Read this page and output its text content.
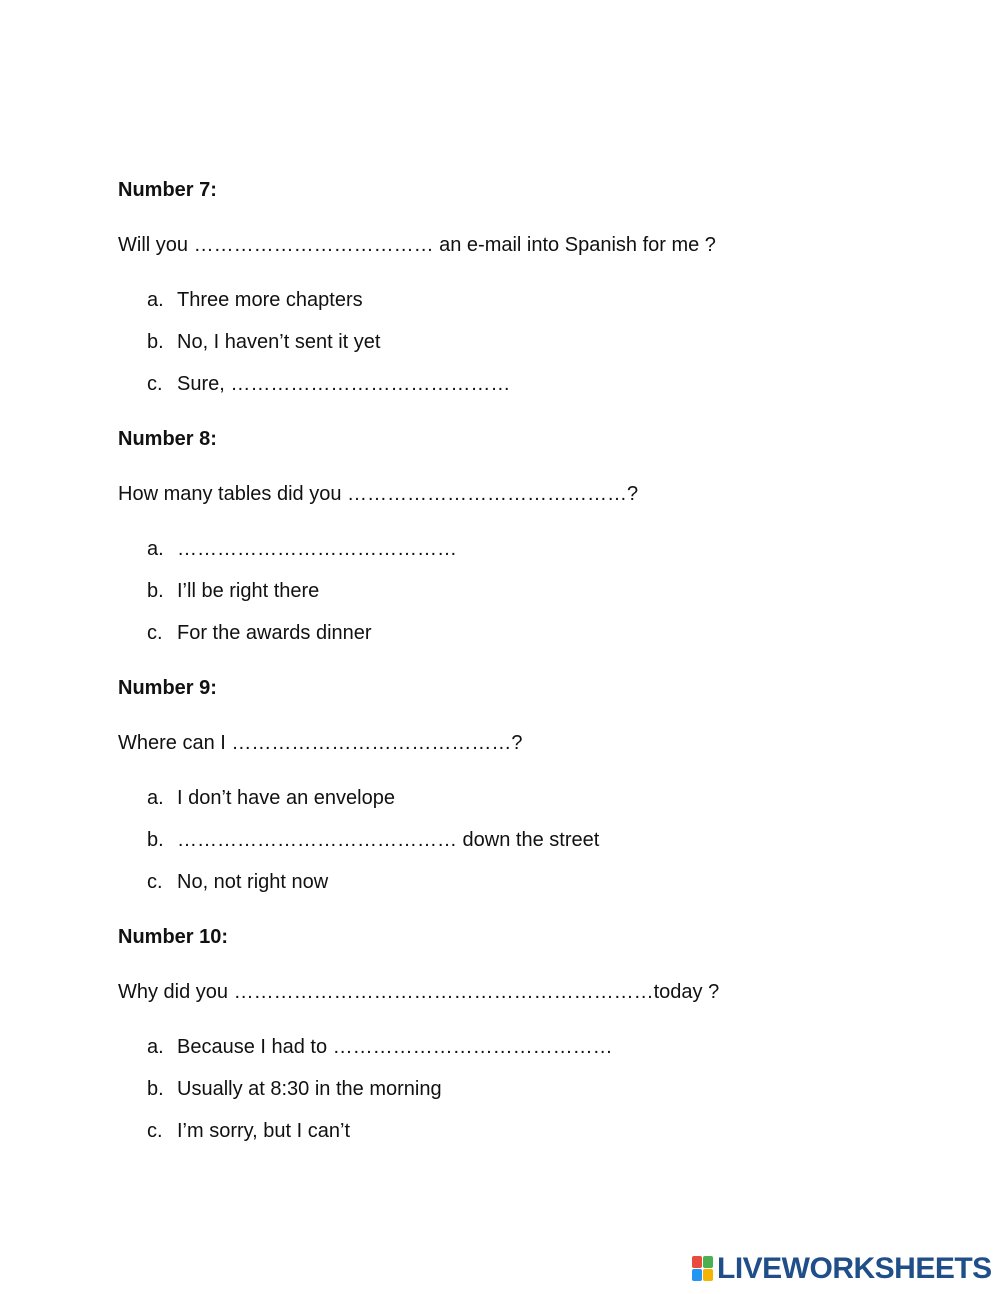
Number 7:
Will you ……………………………… an e-mail into Spanish for me ?
a. Three more chapters
b. No, I haven’t sent it yet
c. Sure, ……………………………………
Number 8:
How many tables did you ……………………………………?
a. ……………………………………
b. I’ll be right there
c. For the awards dinner
Number 9:
Where can I ……………………………………?
a. I don’t have an envelope
b. …………………………………… down the street
c. No, not right now
Number 10:
Why did you ………………………………………………………today ?
a. Because I had to ……………………………………
b. Usually at 8:30 in the morning
c. I’m sorry, but I can’t
LIVEWORKSHEETS
